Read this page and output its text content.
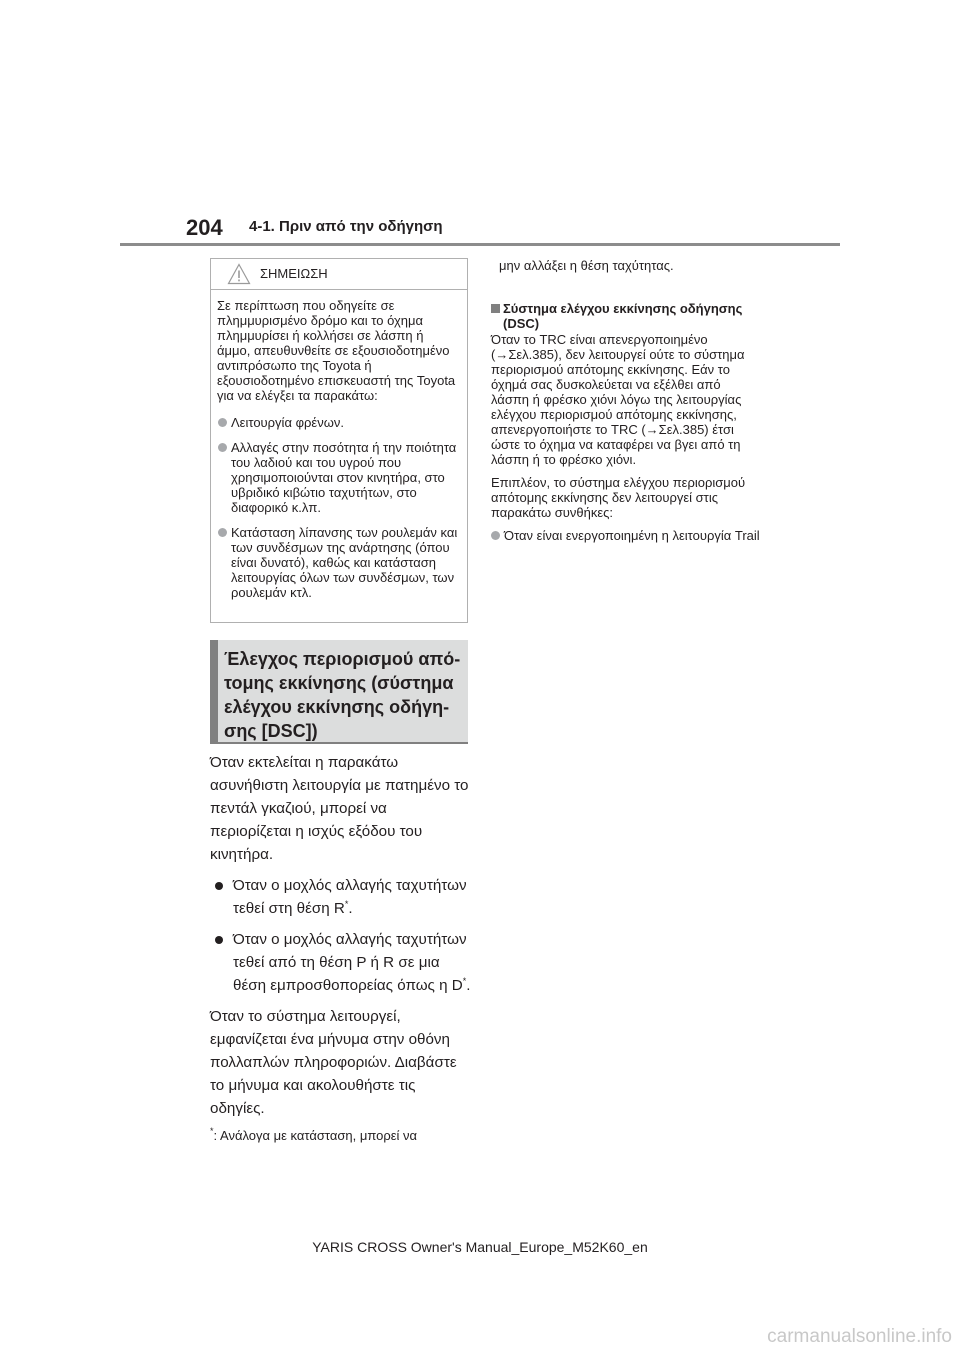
204 4-1. Πριν από την οδήγηση
ΣΗΜΕΙΩΣΗ

Σε περίπτωση που οδηγείτε σε πλημμυρισμένο δρόμο και το όχημα πλημμυρίσει ή κολλήσει σε λάσπη ή άμμο, απευθυνθείτε σε εξουσιοδοτημένο αντιπρόσωπο της Toyota ή εξουσιοδοτημένο επισκευαστή της Toyota για να ελέγξει τα παρακάτω:

Λειτουργία φρένων.
Αλλαγές στην ποσότητα ή την ποιότητα του λαδιού και του υγρού που χρησιμοποιούνται στον κινητήρα, στο υβριδικό κιβώτιο ταχυτήτων, στο διαφορικό κ.λπ.
Κατάσταση λίπανσης των ρουλεμάν και των συνδέσμων της ανάρτησης (όπου είναι δυνατό), καθώς και κατάσταση λειτουργίας όλων των συνδέσμων, των ρουλεμάν κτλ.
Έλεγχος περιορισμού από-
τομης εκκίνησης (σύστημα
ελέγχου εκκίνησης οδήγη-
σης [DSC])

Όταν εκτελείται η παρακάτω ασυνήθιστη λειτουργία με πατημένο το πεντάλ γκαζιού, μπορεί να περιορίζεται η ισχύς εξόδου του κινητήρα.

Όταν ο μοχλός αλλαγής ταχυτήτων τεθεί στη θέση R*.
Όταν ο μοχλός αλλαγής ταχυτήτων τεθεί από τη θέση P ή R σε μια θέση εμπροσθοπορείας όπως η D*.

Όταν το σύστημα λειτουργεί, εμφανίζεται ένα μήνυμα στην οθόνη πολλαπλών πληροφοριών. Διαβάστε το μήνυμα και ακολουθήστε τις οδηγίες.

*: Ανάλογα με κατάσταση, μπορεί να

μην αλλάξει η θέση ταχύτητας.

Σύστημα ελέγχου εκκίνησης οδήγησης (DSC)

Όταν το TRC είναι απενεργοποιημένο (→Σελ.385), δεν λειτουργεί ούτε το σύστημα περιορισμού απότομης εκκίνησης. Εάν το όχημά σας δυσκολεύεται να εξέλθει από λάσπη ή φρέσκο χιόνι λόγω της λειτουργίας ελέγχου περιορισμού απότομης εκκίνησης, απενεργοποιήστε το TRC (→Σελ.385) έτσι ώστε το όχημα να καταφέρει να βγει από τη λάσπη ή το φρέσκο χιόνι.

Επιπλέον, το σύστημα ελέγχου περιορισμού απότομης εκκίνησης δεν λειτουργεί στις παρακάτω συνθήκες:

Όταν είναι ενεργοποιημένη η λειτουργία Trail
YARIS CROSS Owner's Manual_Europe_M52K60_en
carmanualsonline.info
